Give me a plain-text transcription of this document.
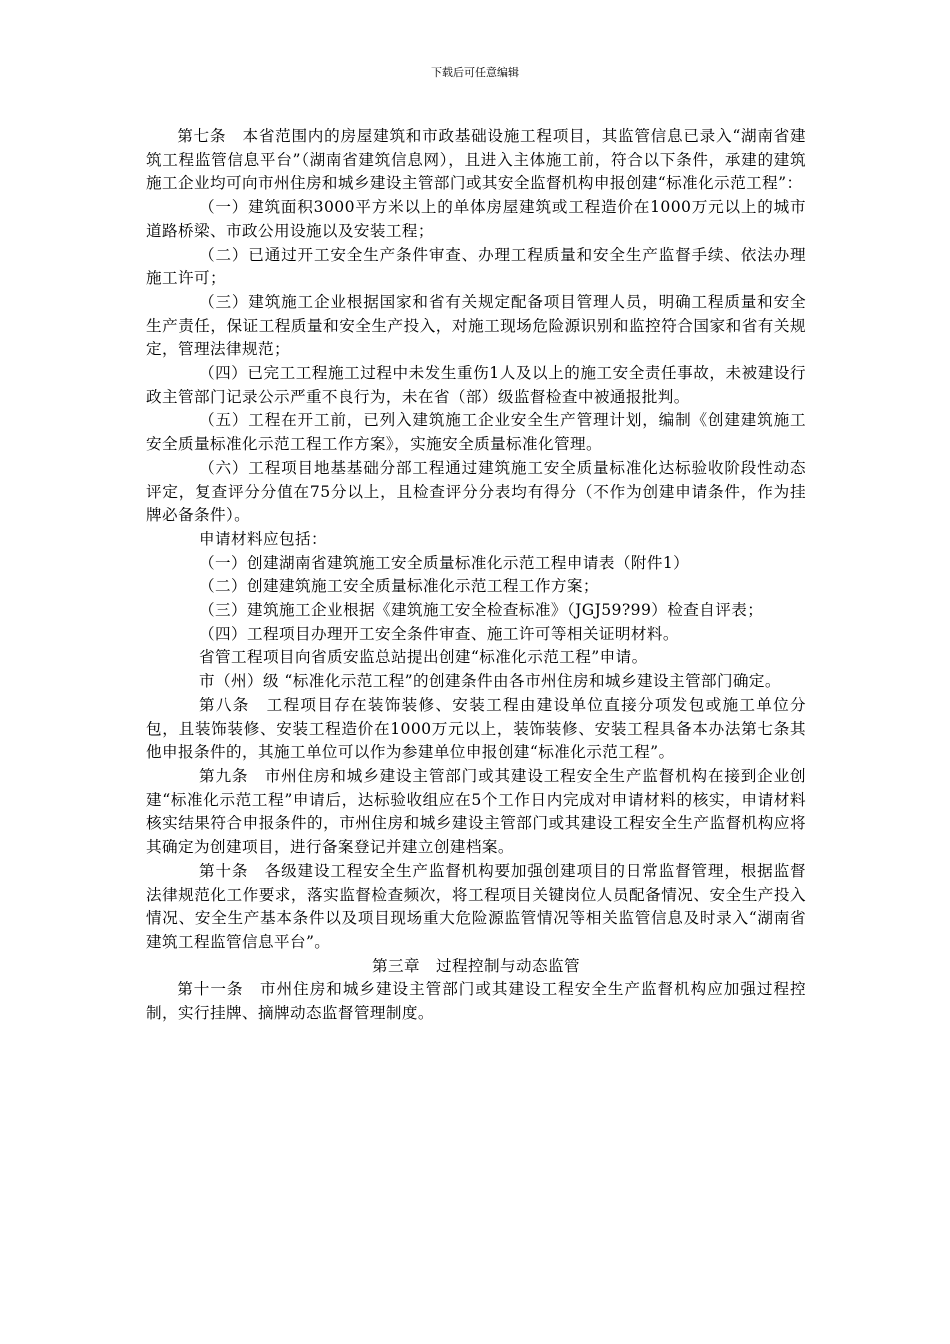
下载后可任意编辑

第七条　本省范围内的房屋建筑和市政基础设施工程项目，其监管信息已录入“湖南省建筑工程监管信息平台”（湖南省建筑信息网），且进入主体施工前，符合以下条件，承建的建筑施工企业均可向市州住房和城乡建设主管部门或其安全监督机构申报创建“标准化示范工程”：

（一）建筑面积3000平方米以上的单体房屋建筑或工程造价在1000万元以上的城市道路桥梁、市政公用设施以及安装工程；

（二）已通过开工安全生产条件审查、办理工程质量和安全生产监督手续、依法办理施工许可；

（三）建筑施工企业根据国家和省有关规定配备项目管理人员，明确工程质量和安全生产责任，保证工程质量和安全生产投入，对施工现场危险源识别和监控符合国家和省有关规定，管理法律规范；

（四）已完工工程施工过程中未发生重伤1人及以上的施工安全责任事故，未被建设行政主管部门记录公示严重不良行为，未在省（部）级监督检查中被通报批判。

（五）工程在开工前，已列入建筑施工企业安全生产管理计划，编制《创建建筑施工安全质量标准化示范工程工作方案》，实施安全质量标准化管理。

（六）工程项目地基基础分部工程通过建筑施工安全质量标准化达标验收阶段性动态评定，复查评分分值在75分以上，且检查评分分表均有得分（不作为创建申请条件，作为挂牌必备条件）。

申请材料应包括：

（一）创建湖南省建筑施工安全质量标准化示范工程申请表（附件1）

（二）创建建筑施工安全质量标准化示范工程工作方案；

（三）建筑施工企业根据《建筑施工安全检查标准》（JGJ59?99）检查自评表；

（四）工程项目办理开工安全条件审查、施工许可等相关证明材料。

省管工程项目向省质安监总站提出创建“标准化示范工程”申请。

市（州）级 “标准化示范工程”的创建条件由各市州住房和城乡建设主管部门确定。

第八条　工程项目存在装饰装修、安装工程由建设单位直接分项发包或施工单位分包，且装饰装修、安装工程造价在1000万元以上，装饰装修、安装工程具备本办法第七条其他申报条件的，其施工单位可以作为参建单位申报创建“标准化示范工程”。

第九条　市州住房和城乡建设主管部门或其建设工程安全生产监督机构在接到企业创建“标准化示范工程”申请后，达标验收组应在5个工作日内完成对申请材料的核实，申请材料核实结果符合申报条件的，市州住房和城乡建设主管部门或其建设工程安全生产监督机构应将其确定为创建项目，进行备案登记并建立创建档案。

第十条　各级建设工程安全生产监督机构要加强创建项目的日常监督管理，根据监督法律规范化工作要求，落实监督检查频次，将工程项目关键岗位人员配备情况、安全生产投入情况、安全生产基本条件以及项目现场重大危险源监管情况等相关监管信息及时录入“湖南省建筑工程监管信息平台”。

第三章　过程控制与动态监管

第十一条　市州住房和城乡建设主管部门或其建设工程安全生产监督机构应加强过程控制，实行挂牌、摘牌动态监督管理制度。
